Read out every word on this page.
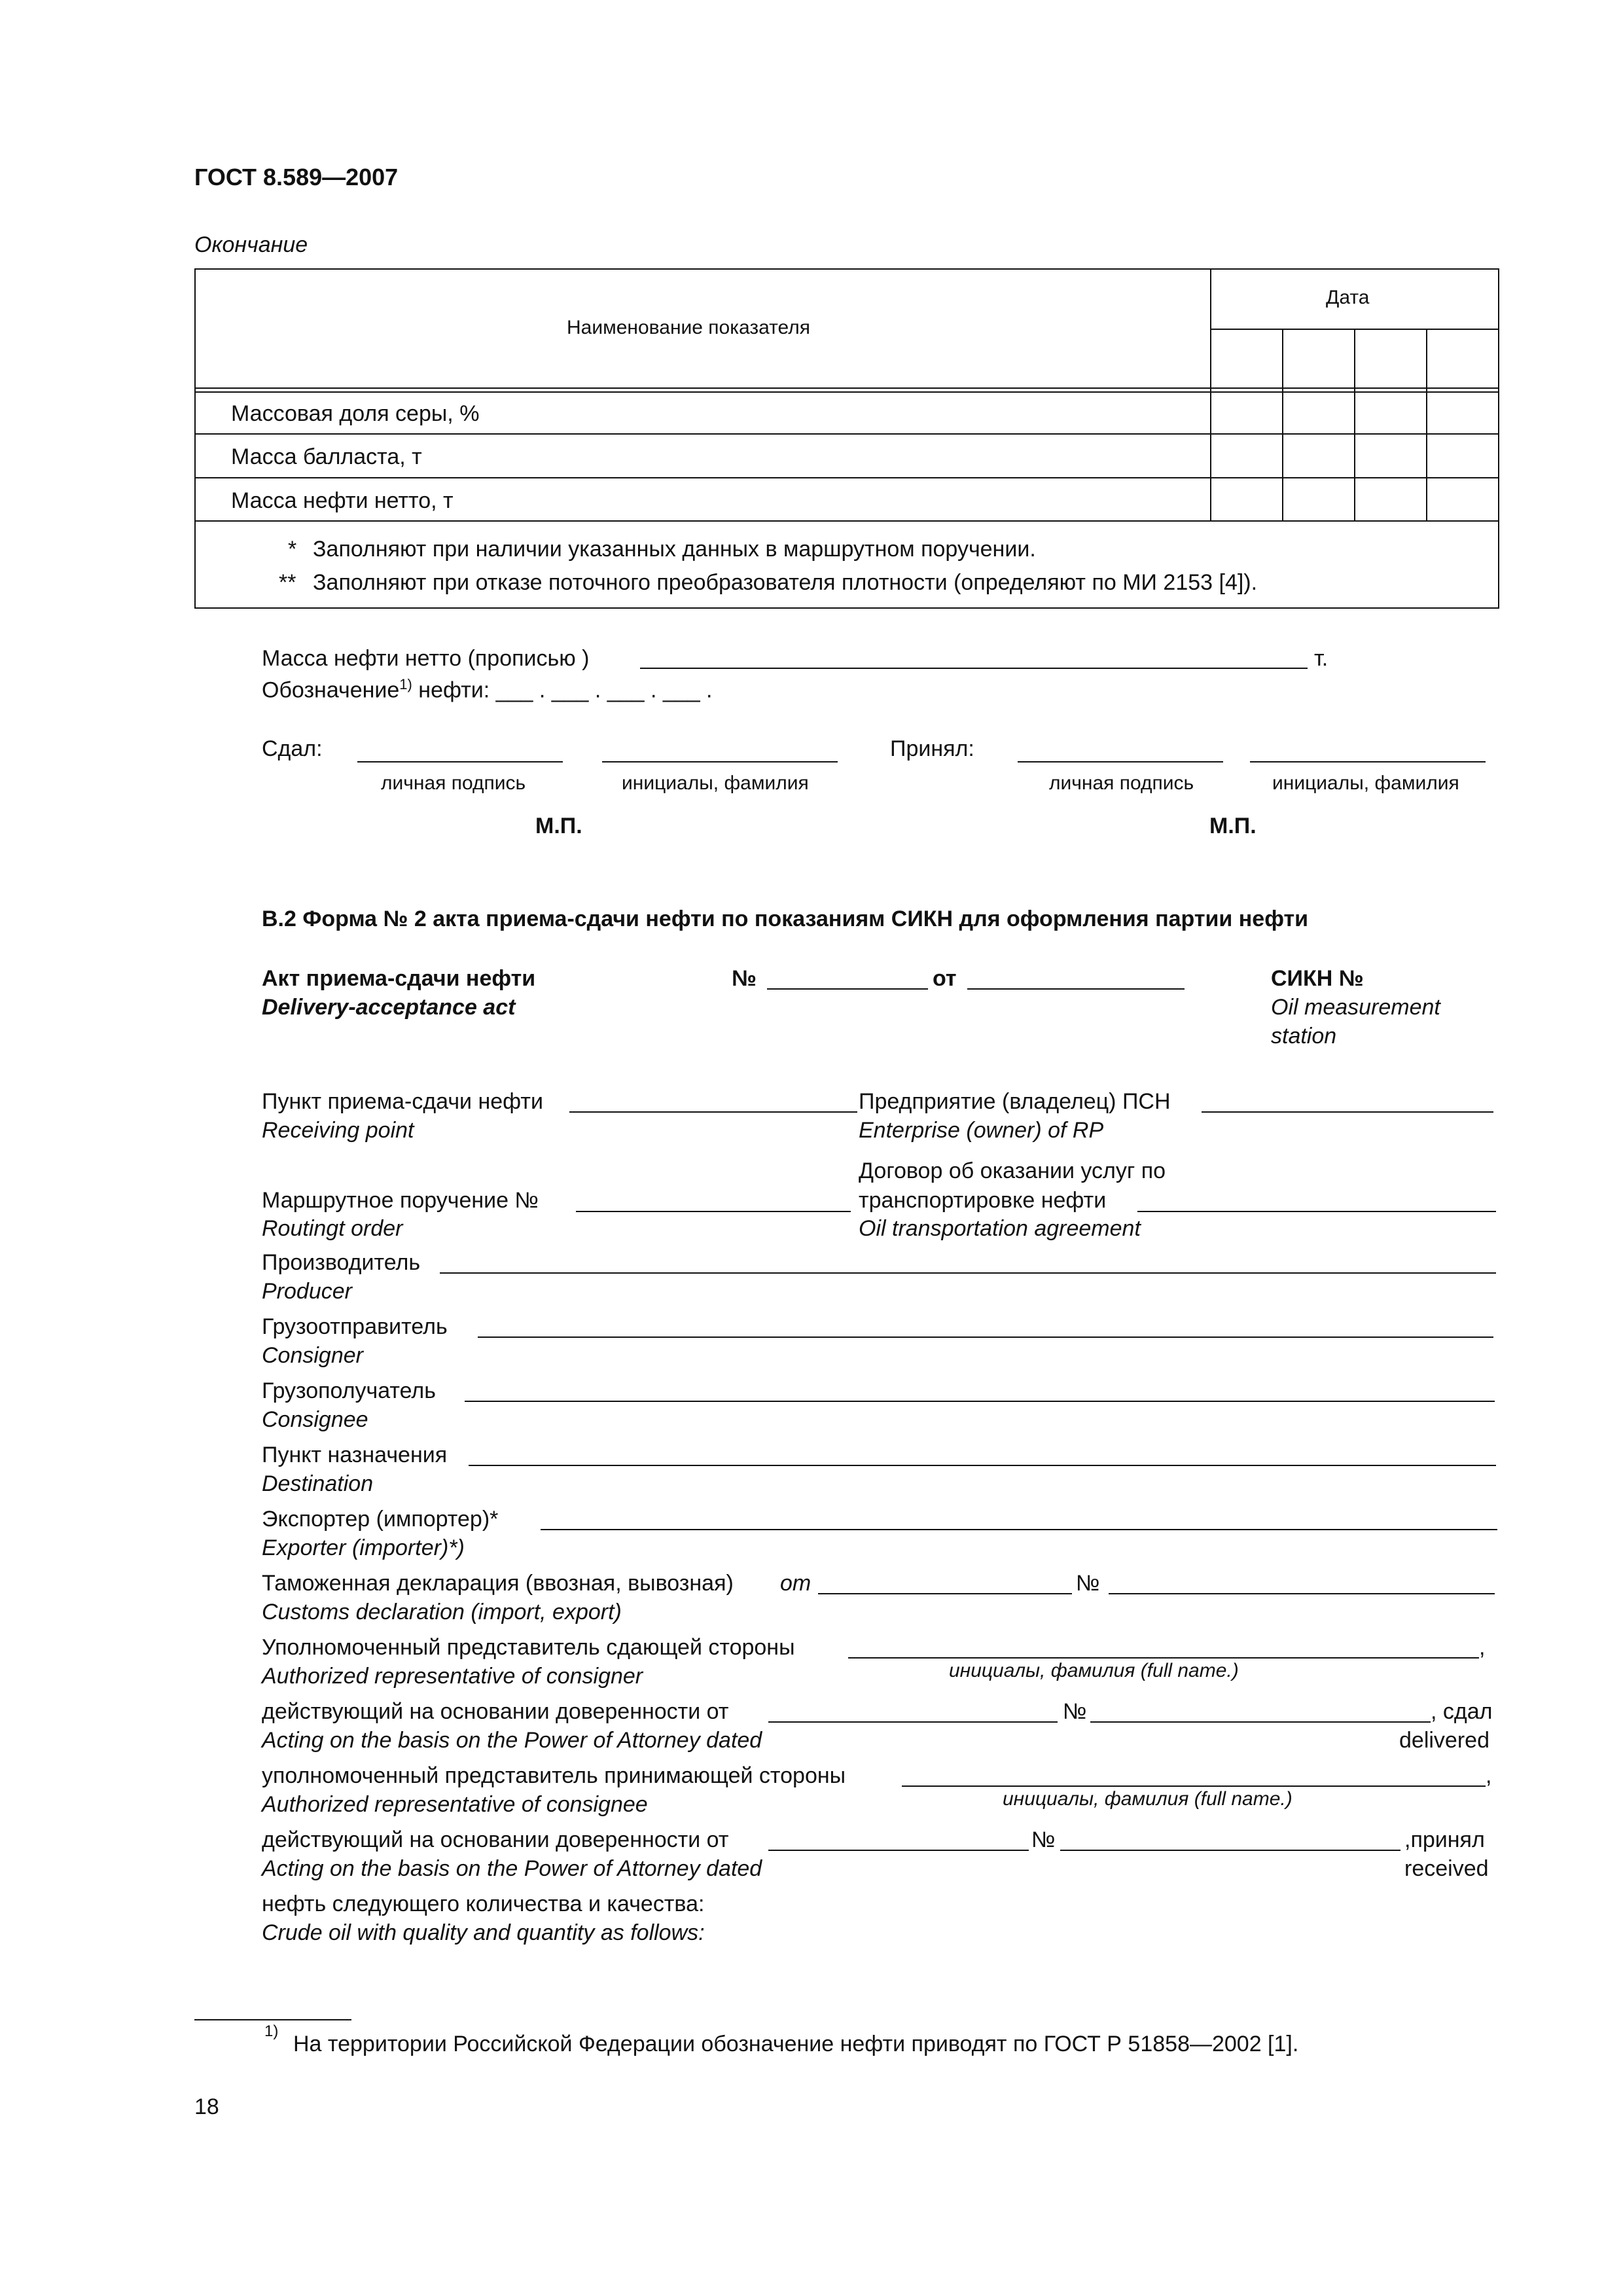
ГОСТ 8.589—2007
Окончание
Наименование показателя
Дата
Массовая доля серы, %
Масса балласта, т
Масса нефти нетто, т
* Заполняют при наличии указанных данных в маршрутном поручении.
** Заполняют при отказе поточного преобразователя плотности (определяют по МИ 2153 [4]).
Масса нефти нетто (прописью )	т.
Обозначение$^{1)}$ нефти: ___ . ___ . ___ . ___ .
Сдал:
личная подпись	инициалы, фамилия
Принял:
личная подпись	инициалы, фамилия
М.П.	М.П.
В.2 Форма № 2 акта приема-сдачи нефти по показаниям СИКН для оформления партии нефти
Акт приема-сдачи нефти
Delivery-acceptance act
№	от	СИКН №
Oil measurement
station
Пункт приема-сдачи нефти
Receiving point
Предприятие (владелец) ПСН
Enterprise (owner) of RP
Договор об оказании услуг по
транспортировке нефти
Oil transportation agreement
Маршрутное поручение №
Routingt order
Производитель
Producer
Грузоотправитель
Consigner
Грузополучатель
Consignee
Пункт назначения
Destination
Экспортер (импортер)*
Exporter (importer)*)
Таможенная декларация (ввозная, вывозная) от	№
Customs declaration (import, export)
Уполномоченный представитель сдающей стороны	,
Authorized representative of consigner	инициалы, фамилия (full name.)
действующий на основании доверенности от	№	, сдал
Acting on the basis on the Power of Attorney dated	delivered
уполномоченный представитель принимающей стороны	,
Authorized representative of consignee	инициалы, фамилия (full name.)
действующий на основании доверенности от	№	,принял
Acting on the basis on the Power of Attorney dated	received
нефть следующего количества и качества:
Crude oil with quality and quantity as follows:
1)
На территории Российской Федерации обозначение нефти приводят по ГОСТ Р 51858—2002 [1].
18
